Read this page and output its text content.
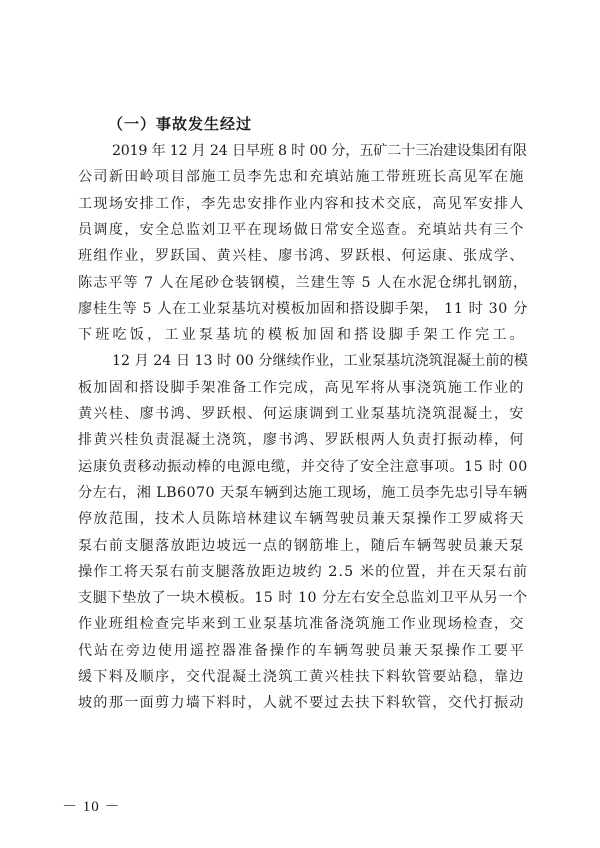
（一）事故发生经过
2019 年 12 月 24 日早班 8 时 00 分，五矿二十三冶建设集团有限
公司新田岭项目部施工员李先忠和充填站施工带班班长高见军在施
工现场安排工作，李先忠安排作业内容和技术交底，高见军安排人
员调度，安全总监刘卫平在现场做日常安全巡查。充填站共有三个
班组作业，罗跃国、黄兴桂、廖书鸿、罗跃根、何运康、张成学、
陈志平等 7 人在尾砂仓装钢模，兰建生等 5 人在水泥仓绑扎钢筋，
廖桂生等 5 人在工业泵基坑对模板加固和搭设脚手架， 11 时 30 分
下班吃饭，工业泵基坑的模板加固和搭设脚手架工作完工。
12 月 24 日 13 时 00 分继续作业，工业泵基坑浇筑混凝土前的模
板加固和搭设脚手架准备工作完成，高见军将从事浇筑施工作业的
黄兴桂、廖书鸿、罗跃根、何运康调到工业泵基坑浇筑混凝土，安
排黄兴桂负责混凝土浇筑，廖书鸿、罗跃根两人负责打振动棒，何
运康负责移动振动棒的电源电缆，并交待了安全注意事项。15 时 00
分左右，湘 LB6070 天泵车辆到达施工现场，施工员李先忠引导车辆
停放范围，技术人员陈培林建议车辆驾驶员兼天泵操作工罗威将天
泵右前支腿落放距边坡远一点的钢筋堆上，随后车辆驾驶员兼天泵
操作工将天泵右前支腿落放距边坡约 2.5 米的位置，并在天泵右前
支腿下垫放了一块木模板。15 时 10 分左右安全总监刘卫平从另一个
作业班组检查完毕来到工业泵基坑准备浇筑施工作业现场检查，交
代站在旁边使用遥控器准备操作的车辆驾驶员兼天泵操作工要平
缓下料及顺序，交代混凝土浇筑工黄兴桂扶下料软管要站稳，靠边
坡的那一面剪力墙下料时，人就不要过去扶下料软管，交代打振动
－ 10 －
